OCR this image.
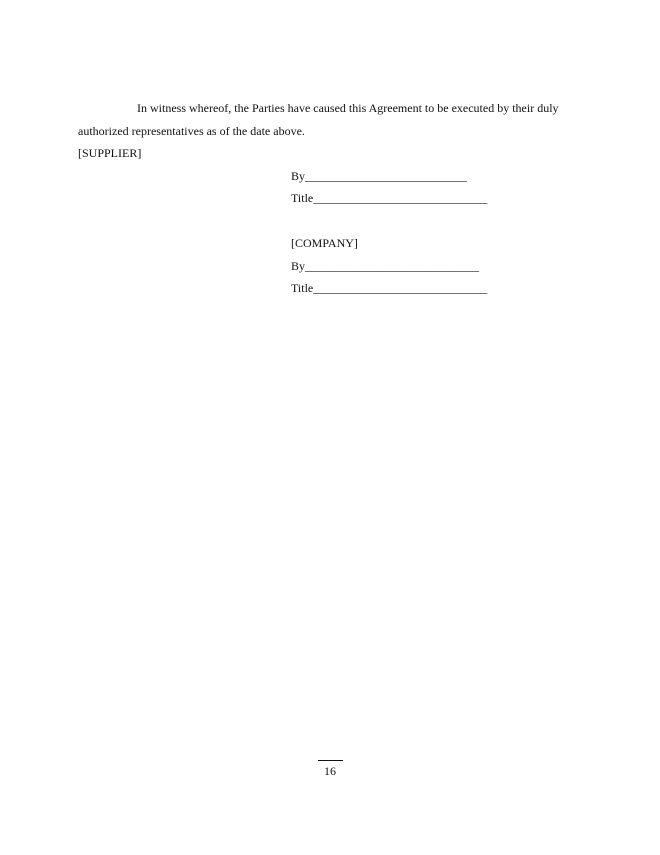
In witness whereof, the Parties have caused this Agreement to be executed by their duly
authorized representatives as of the date above.
[SUPPLIER]
By___________________________
Title_____________________________
[COMPANY]
By_____________________________
Title_____________________________
16
